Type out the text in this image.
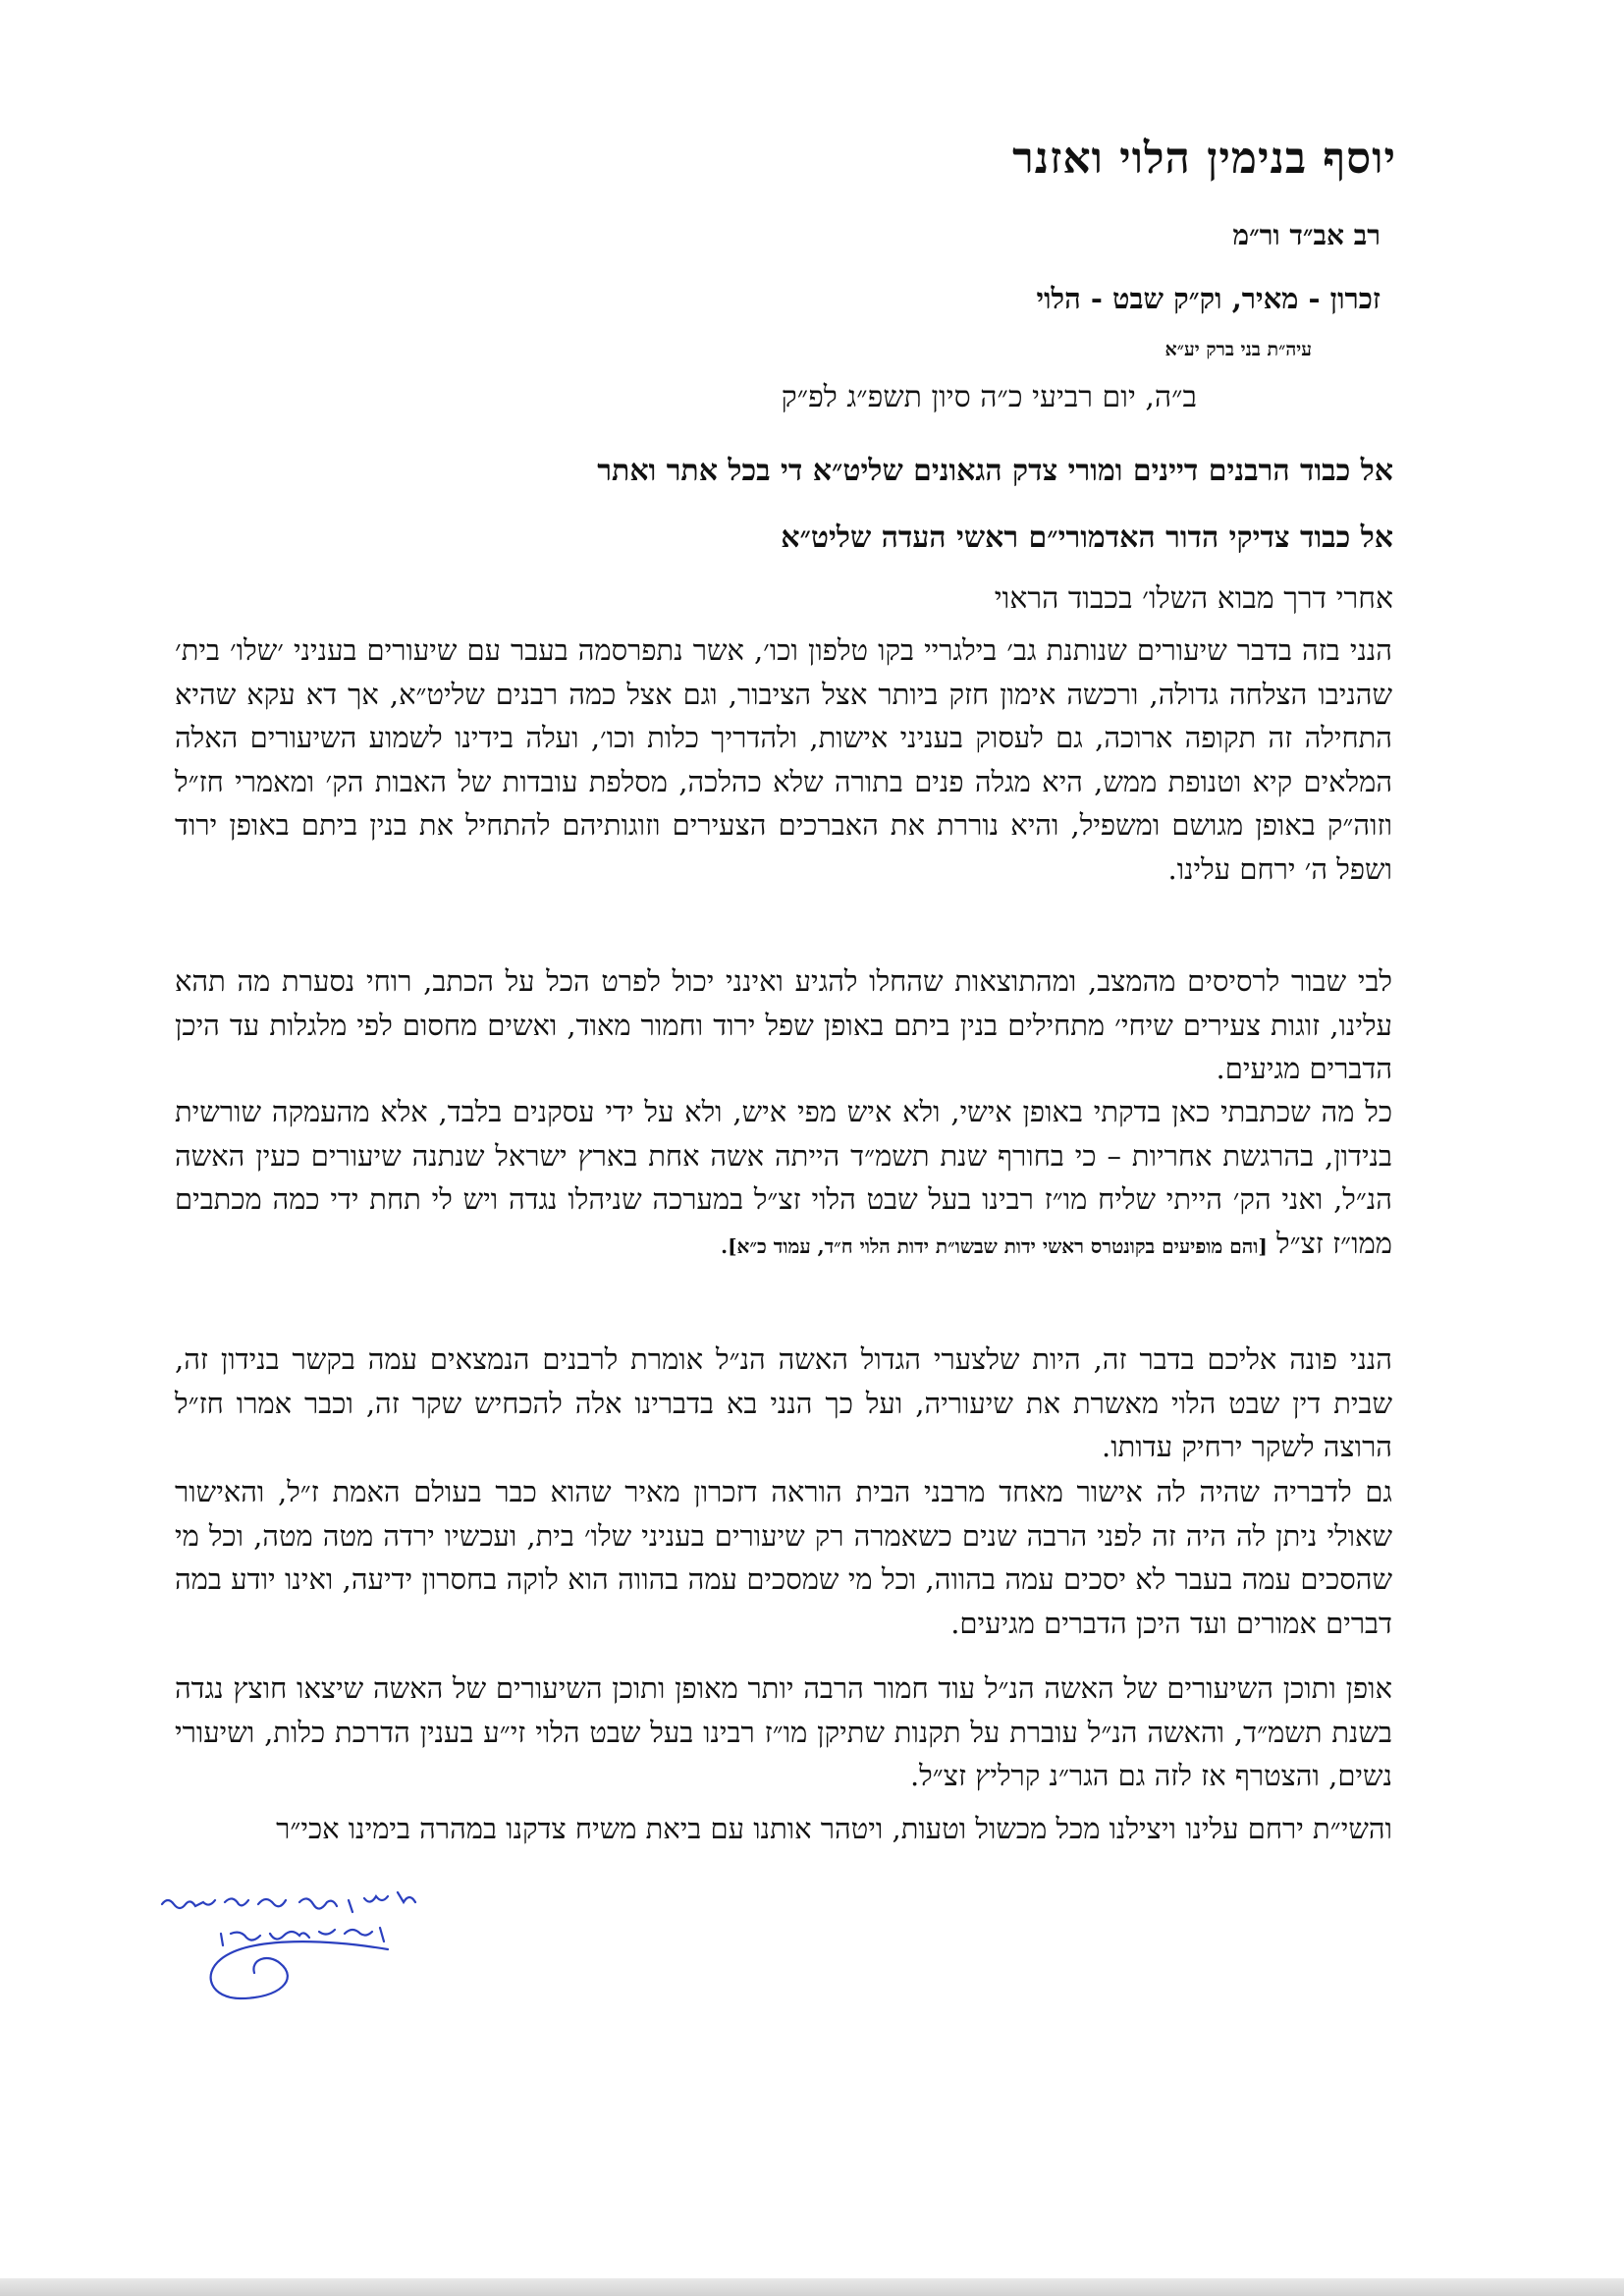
יוסף בנימין הלוי ואזנר
רב אב״ד ור״מ
זכרון - מאיר, וק״ק שבט - הלוי
עיה״ת בני ברק יע״א
ב״ה, יום רביעי כ״ה סיון תשפ״ג לפ״ק
אל כבוד הרבנים דיינים ומורי צדק הגאונים שליט״א די בכל אתר ואתר
אל כבוד צדיקי הדור האדמורי״ם ראשי העדה שליט״א
אחרי דרך מבוא השלו׳ בכבוד הראוי
הנני בזה בדבר שיעורים שנותנת גב׳ בילגריי בקו טלפון וכו׳, אשר נתפרסמה בעבר עם שיעורים בעניני ׳שלו׳ בית׳ שהניבו הצלחה גדולה, ורכשה אימון חזק ביותר אצל הציבור, וגם אצל כמה רבנים שליט״א, אך דא עקא שהיא התחילה זה תקופה ארוכה, גם לעסוק בעניני אישות, ולהדריך כלות וכו׳, ועלה בידינו לשמוע השיעורים האלה המלאים קיא וטנופת ממש, היא מגלה פנים בתורה שלא כהלכה, מסלפת עובדות של האבות הק׳ ומאמרי חז״ל וזוה״ק באופן מגושם ומשפיל, והיא נוררת את האברכים הצעירים וזוגותיהם להתחיל את בנין ביתם באופן ירוד ושפל ה׳ ירחם עלינו.
לבי שבור לרסיסים מהמצב, ומהתוצאות שהחלו להגיע ואינני יכול לפרט הכל על הכתב, רוחי נסערת מה תהא עלינו, זוגות צעירים שיחי׳ מתחילים בנין ביתם באופן שפל ירוד וחמור מאוד, ואשים מחסום לפי מלגלות עד היכן הדברים מגיעים.
כל מה שכתבתי כאן בדקתי באופן אישי, ולא איש מפי איש, ולא על ידי עסקנים בלבד, אלא מהעמקה שורשית בנידון, בהרגשת אחריות – כי בחורף שנת תשמ״ד הייתה אשה אחת בארץ ישראל שנתנה שיעורים כעין האשה הנ״ל, ואני הק׳ הייתי שליח מו״ז רבינו בעל שבט הלוי זצ״ל במערכה שניהלו נגדה ויש לי תחת ידי כמה מכתבים ממו״ז זצ״ל [והם מופיעים בקונטרס ראשי ידות שבשו״ת ידות הלוי ח״ד, עמוד כ״א].
הנני פונה אליכם בדבר זה, היות שלצערי הגדול האשה הנ״ל אומרת לרבנים הנמצאים עמה בקשר בנידון זה, שבית דין שבט הלוי מאשרת את שיעוריה, ועל כך הנני בא בדברינו אלה להכחיש שקר זה, וכבר אמרו חז״ל הרוצה לשקר ירחיק עדותו.
גם לדבריה שהיה לה אישור מאחד מרבני הבית הוראה דזכרון מאיר שהוא כבר בעולם האמת ז״ל, והאישור שאולי ניתן לה היה זה לפני הרבה שנים כשאמרה רק שיעורים בעניני שלו׳ בית, ועכשיו ירדה מטה מטה, וכל מי שהסכים עמה בעבר לא יסכים עמה בהווה, וכל מי שמסכים עמה בהווה הוא לוקה בחסרון ידיעה, ואינו יודע במה דברים אמורים ועד היכן הדברים מגיעים.
אופן ותוכן השיעורים של האשה הנ״ל עוד חמור הרבה יותר מאופן ותוכן השיעורים של האשה שיצאו חוצץ נגדה בשנת תשמ״ד, והאשה הנ״ל עוברת על תקנות שתיקן מו״ז רבינו בעל שבט הלוי זי״ע בענין הדרכת כלות, ושיעורי נשים, והצטרף אז לזה גם הגר״נ קרליץ זצ״ל.
והשי״ת ירחם עלינו ויצילנו מכל מכשול וטעות, ויטהר אותנו עם ביאת משיח צדקנו במהרה בימינו אכי״ר
